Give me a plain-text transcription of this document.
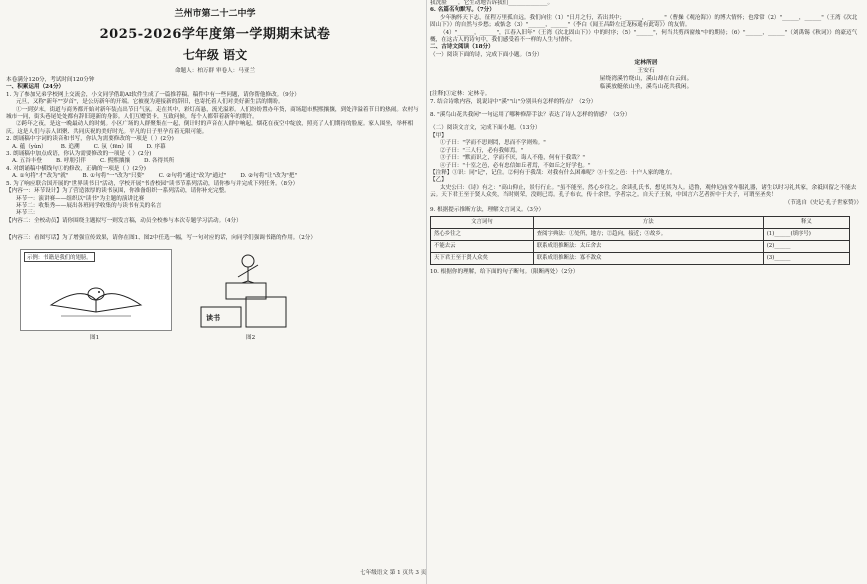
兰州市第二十二中学

2025-2026学年度第一学期期末试卷

七年级 语文

命题人：柏万群 审卷人：马亚兰

本卷满分120分，考试时间120分钟

一、积累运用（24分）

1. 为了参加兄弟学校网上交流会，小文同学借助AI软件生成了一篇推荐稿。稿件中有一些问题，请你帮他修改。（9分）

元旦，又称"新年""岁首"，是公历新年的开端。它被视为迎接新的辞旧，也寄托着人们对美好新生活的期盼。

①一到岁末，街道与商务都开始对新年装点出节日气氛。走在其中，彩灯高悬，流光溢彩。人们纷纷置办年货，商场超市熙熙攘攘，到处洋溢着节日的热闹。农村与城市一同，街头巷尾处处都有辞旧迎新的身影。人们互赠贺卡，互致问候，每个人都带着新年的期许。

②跨年之夜，是这一晚最动人的时刻。小区广场的人群聚集在一起，倒计时的声音在人群中响起，烟花在夜空中绽放，照亮了人们期待的脸庞。家人围坐，举杯相庆。这是人们与亲人团聚、共同庆祝的美好时光。平凡的日子里孕育着无限可能。

2. 朗诵稿中字词的读音和书写，你认为需要修改的一项是（ ）(2分)

A. 蕴（yùn）	B. 追溯	C. 氛（fēn）围	D. 序幕

3. 朗诵稿中加点成语，你认为需要修改的一项是（ ）(2分)

A. 五谷丰登	B. 呼朋引伴	C. 熙熙攘攘	D. 各得其所

4. 对朗诵稿中横线句①的修改，正确的一项是（ ）(2分)

A. ①句将"才"改为"就"	B. ①句将"一"改为"只要"	C. ②句将"通过"改为"通过"	D. ②句将"让"改为"把"

5. 为了响应联合国开展的"世界读书日"活动，学校开展"书香校园"读书节系列活动，请你参与并完成下列任务。（8分）

【内容一：环节设计】为了营造浓厚的读书氛围，你准备组织一系列活动，请你补充完整。

环节一：演讲赛——组织以"读书"为主题的演讲比赛

环节二：收集秀——展出各班同学收集的与读书有关的名言

环节三：

【内容二：全校动员】请你围绕主题拟写一则发言稿，动员全校参与本次专题学习活动。（4分）

【内容三：看图写话】为了增强宣传效果，请你在图1、图2中任选一幅，写一句对应的话，向同学们强调书籍的作用。（2分）

示例：书籍是我们的翅膀。
图1
读书
图2

我洗脸____，它生动地告诉我们______________。

6. 名篇名句默写。（7分）

少年胸怀天下志，征程万里孤自远。我们向往（1）"日月之行，若出其中；______，______"（曹操《观沧海》）的博大情怀；也常常（2）"______，______"（王湾《次北固山下》）的自然与乡愁；或惦念（3）"______，______"（李白《闻王昌龄左迁龙标遥有此寄》）的友情。

（4）"______，______"，江春入旧年"（王湾《次北固山下》）中的时序；（5）"______"，何当共剪西窗烛"中的期待；（6）"______，______"（刘禹锡《秋词》）的豪迈气概，在这古人的诗句中，我们感受着不一样的人生与情怀。

二、古诗文阅读（18分）

（一）阅读下面的诗，完成下面小题。（5分）

定林所居
王安石
屋绕湾溪竹绕山，溪山却在白云间。
临溪放艇依山坐，溪鸟山花共我闲。

[注释]①定林：定林寺。

7. 结合诗歌内容，说说诗中"溪""山"分别具有怎样的特点？（2分）

8. "溪鸟山花共我闲"一句运用了哪种修辞手法？表达了诗人怎样的情感？（3分）

（二）阅读文言文，完成下面小题。（13分）

【甲】

①子曰："学而不思则罔，思而不学则殆。"

②子曰："三人行，必有我师焉。"

③子曰："默而识之，学而不厌，诲人不倦，何有于我哉？"

④子曰："十室之邑，必有忠信如丘者焉，不如丘之好学也。"

【注释】①识：同"记"，记住。②何有于我哉：对我有什么困难呢？③十室之邑：十户人家的地方。

【乙】

太史公曰：《诗》有之："高山仰止，景行行止。"虽不能至，然心乡往之。余读孔氏书，想见其为人。适鲁，观仲尼庙堂车服礼器，诸生以时习礼其家，余祗回留之不能去云。天下君王至于贤人众矣，当时则荣，没则已焉。孔子布衣，传十余世，学者宗之。自天子王侯，中国言六艺者折中于夫子，可谓至圣矣！

（节选自《史记·孔子世家赞》）

9. 根据提示推断方法，理解文言词义。（3分）

文言词句	方法	释义
然心乡往之	查阅字典法：①处所，地方；②趋向，接近；③故乡。	(1)______(填序号)
不能去云	联系成语推断法：太丘舍去	(2)______
天下君王至于贤人众矣	联系成语推断法：寡不敌众	(3)______

10. 根据你的理解，给下面的句子断句。（限断两处）（2分）

七年级语文 第 1 页共 3 页
